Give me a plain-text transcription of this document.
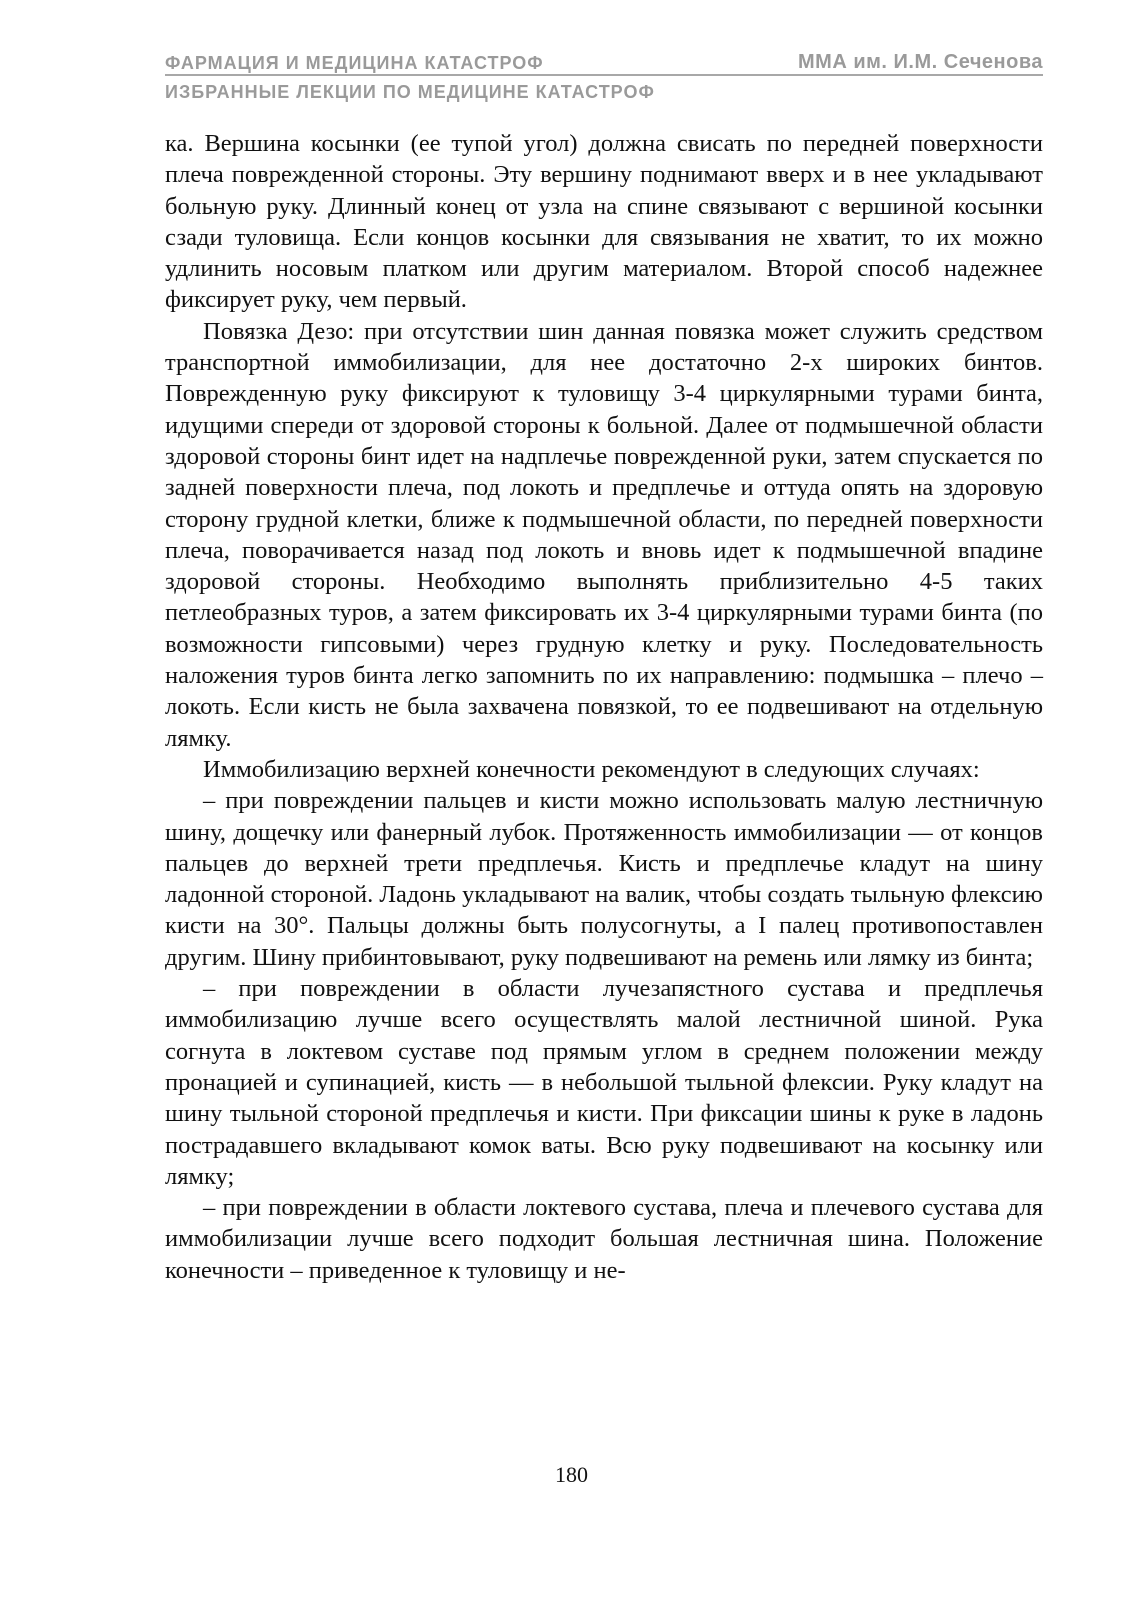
ФАРМАЦИЯ И МЕДИЦИНА КАТАСТРОФ	ММА им. И.М. Сеченова
ИЗБРАННЫЕ ЛЕКЦИИ ПО МЕДИЦИНЕ КАТАСТРОФ

ка. Вершина косынки (ее тупой угол) должна свисать по передней поверхности плеча поврежденной стороны. Эту вершину поднимают вверх и в нее укладывают больную руку. Длинный конец от узла на спине связывают с вершиной косынки сзади туловища. Если концов косынки для связывания не хватит, то их можно удлинить носовым платком или другим материалом. Второй способ надежнее фиксирует руку, чем первый.

Повязка Дезо: при отсутствии шин данная повязка может служить средством транспортной иммобилизации, для нее достаточно 2-х широких бинтов. Поврежденную руку фиксируют к туловищу 3-4 циркулярными турами бинта, идущими спереди от здоровой стороны к больной. Далее от подмышечной области здоровой стороны бинт идет на надплечье поврежденной руки, затем спускается по задней поверхности плеча, под локоть и предплечье и оттуда опять на здоровую сторону грудной клетки, ближе к подмышечной области, по передней поверхности плеча, поворачивается назад под локоть и вновь идет к подмышечной впадине здоровой стороны. Необходимо выполнять приблизительно 4-5 таких петлеобразных туров, а затем фиксировать их 3-4 циркулярными турами бинта (по возможности гипсовыми) через грудную клетку и руку. Последовательность наложения туров бинта легко запомнить по их направлению: подмышка – плечо – локоть. Если кисть не была захвачена повязкой, то ее подвешивают на отдельную лямку.

Иммобилизацию верхней конечности рекомендуют в следующих случаях:

– при повреждении пальцев и кисти можно использовать малую лестничную шину, дощечку или фанерный лубок. Протяженность иммобилизации — от концов пальцев до верхней трети предплечья. Кисть и предплечье кладут на шину ладонной стороной. Ладонь укладывают на валик, чтобы создать тыльную флексию кисти на 30°. Пальцы должны быть полусогнуты, а I палец противопоставлен другим. Шину прибинтовывают, руку подвешивают на ремень или лямку из бинта;

– при повреждении в области лучезапястного сустава и предплечья иммобилизацию лучше всего осуществлять малой лестничной шиной. Рука согнута в локтевом суставе под прямым углом в среднем положении между пронацией и супинацией, кисть — в небольшой тыльной флексии. Руку кладут на шину тыльной стороной предплечья и кисти. При фиксации шины к руке в ладонь пострадавшего вкладывают комок ваты. Всю руку подвешивают на косынку или лямку;

– при повреждении в области локтевого сустава, плеча и плечевого сустава для иммобилизации лучше всего подходит большая лестничная шина. Положение конечности – приведенное к туловищу и не-

180
